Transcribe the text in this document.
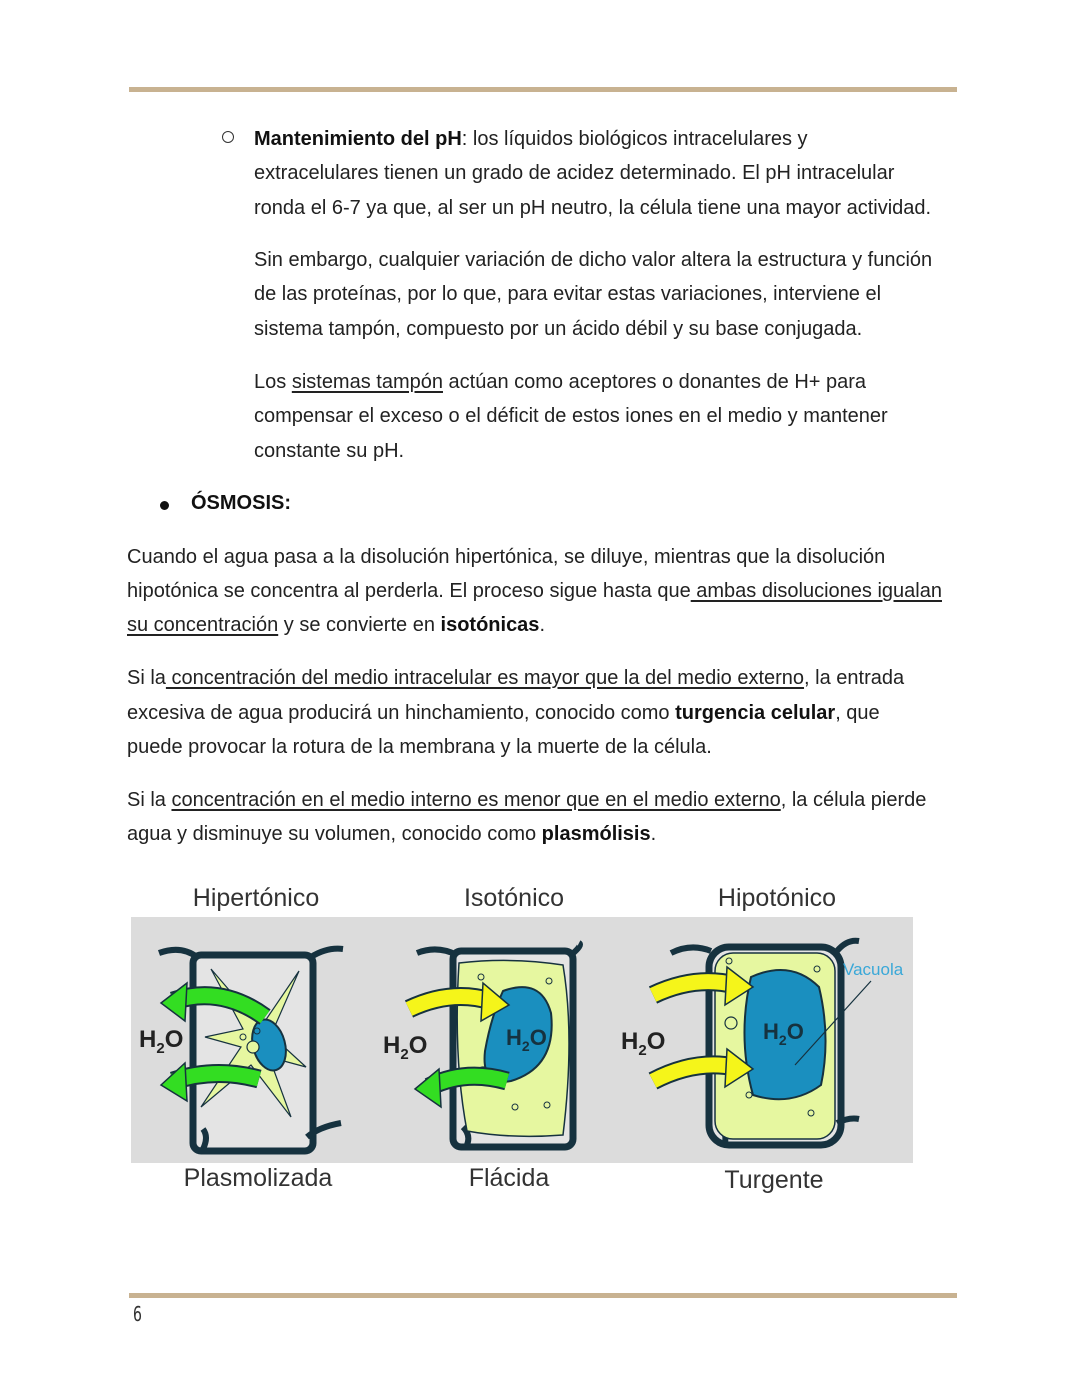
Mantenimiento del pH: los líquidos biológicos intracelulares y
extracelulares tienen un grado de acidez determinado. El pH intracelular
ronda el 6-7 ya que, al ser un pH neutro, la célula tiene una mayor actividad.
Sin embargo, cualquier variación de dicho valor altera la estructura y función
de las proteínas, por lo que, para evitar estas variaciones, interviene el
sistema tampón, compuesto por un ácido débil y su base conjugada.
Los sistemas tampón actúan como aceptores o donantes de H+ para
compensar el exceso o el déficit de estos iones en el medio y mantener
constante su pH.
ÓSMOSIS:
Cuando el agua pasa a la disolución hipertónica, se diluye, mientras que la disolución
hipotónica se concentra al perderla. El proceso sigue hasta que ambas disoluciones igualan
su concentración y se convierte en isotónicas.
Si la concentración del medio intracelular es mayor que la del medio externo, la entrada
excesiva de agua producirá un hinchamiento, conocido como turgencia celular, que
puede provocar la rotura de la membrana y la muerte de la célula.
Si la concentración en el medio interno es menor que en el medio externo, la célula pierde
agua y disminuye su volumen, conocido como plasmólisis.
Hipertónico	Isotónico	Hipotónico
$H_2O$	$H_2O$	$H_2O$	$H_2O$	$H_2O$
Vacuola
Plasmolizada	Flácida	Turgente
6
